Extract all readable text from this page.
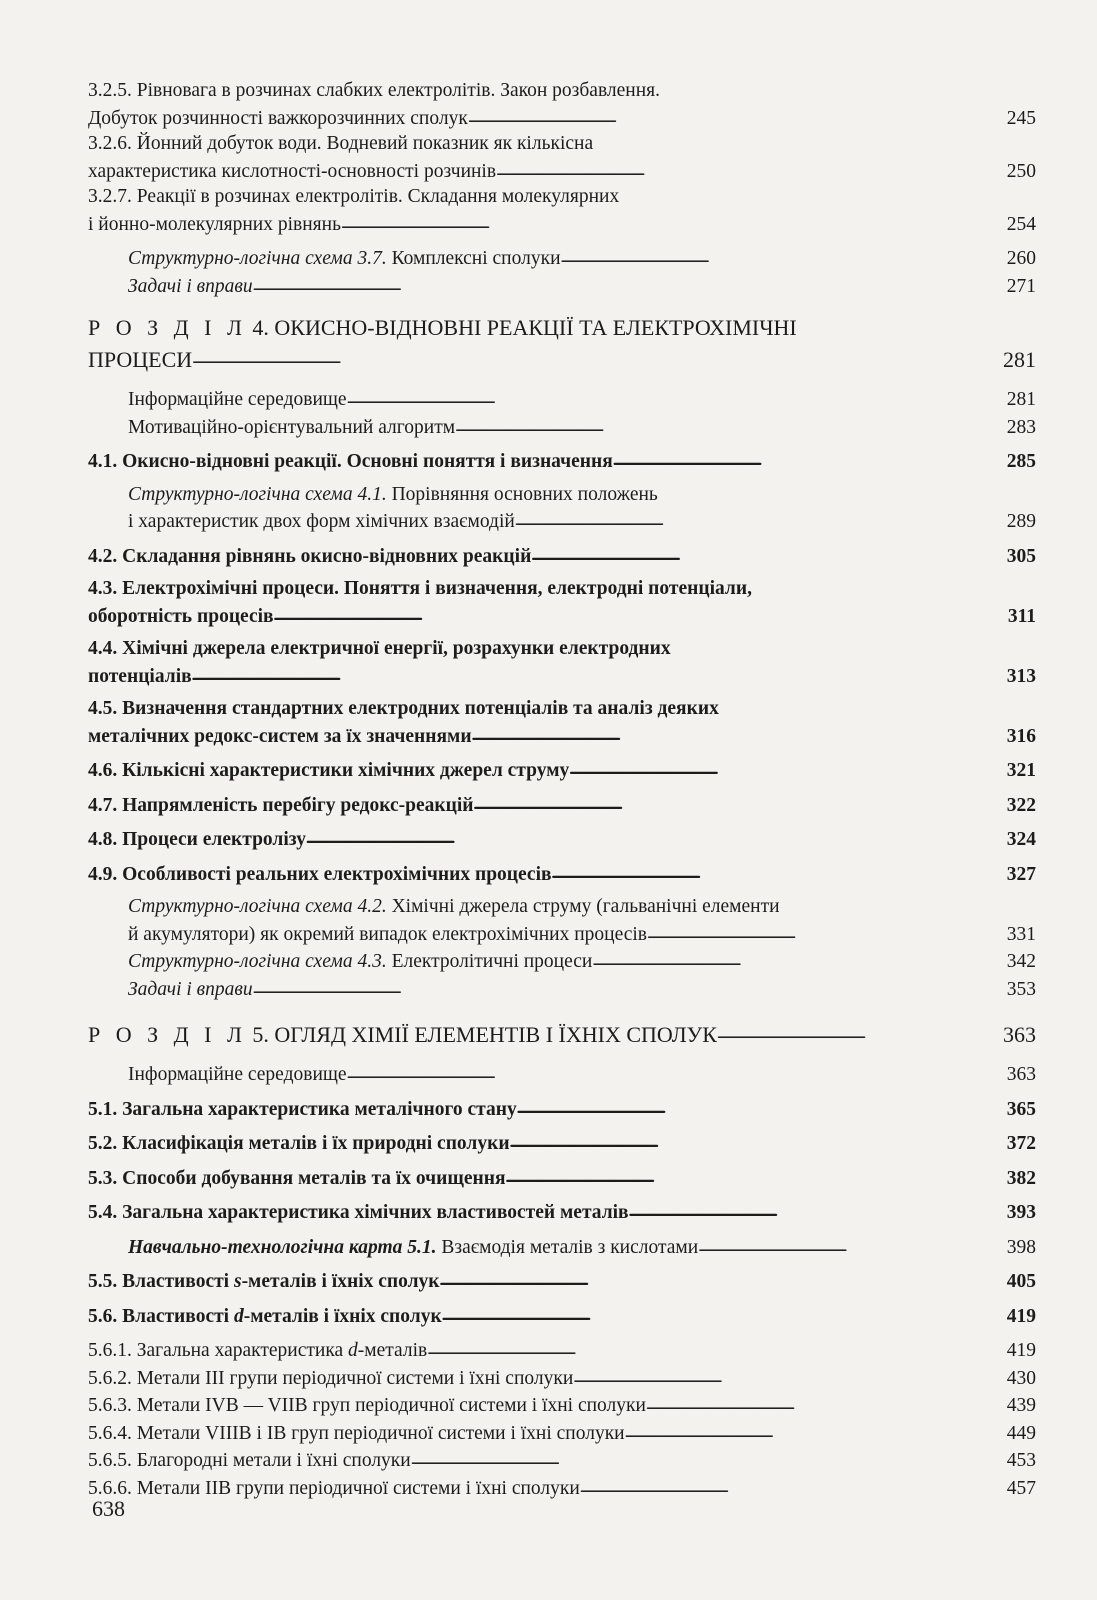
3.2.5. Рівновага в розчинах слабких електролітів. Закон розбавлення.
Добуток розчинності важкорозчинних сполук . . .	245
3.2.6. Йонний добуток води. Водневий показник як кількісна
характеристика кислотності-основності розчинів . . .	250
3.2.7. Реакції в розчинах електролітів. Складання молекулярних
і йонно-молекулярних рівнянь . . .	254
Структурно-логічна схема 3.7. Комплексні сполуки . . .	260
Задачі і вправи . . .	271
Р О З Д І Л 4. ОКИСНО-ВІДНОВНІ РЕАКЦІЇ ТА ЕЛЕКТРОХІМІЧНІ
ПРОЦЕСИ . . .	281
Інформаційне середовище . . .	281
Мотиваційно-орієнтувальний алгоритм . . .	283
4.1. Окисно-відновні реакції. Основні поняття і визначення . . .	285
Структурно-логічна схема 4.1. Порівняння основних положень
і характеристик двох форм хімічних взаємодій . . .	289
4.2. Складання рівнянь окисно-відновних реакцій . . .	305
4.3. Електрохімічні процеси. Поняття і визначення, електродні потенціали,
оборотність процесів . . .	311
4.4. Хімічні джерела електричної енергії, розрахунки електродних
потенціалів . . .	313
4.5. Визначення стандартних електродних потенціалів та аналіз деяких
металічних редокс-систем за їх значеннями . . .	316
4.6. Кількісні характеристики хімічних джерел струму . . .	321
4.7. Напрямленість перебігу редокс-реакцій . . .	322
4.8. Процеси електролізу . . .	324
4.9. Особливості реальних електрохімічних процесів . . .	327
Структурно-логічна схема 4.2. Хімічні джерела струму (гальванічні елементи
й акумулятори) як окремий випадок електрохімічних процесів . . .	331
Структурно-логічна схема 4.3. Електролітичні процеси . . .	342
Задачі і вправи . . .	353
Р О З Д І Л 5. ОГЛЯД ХІМІЇ ЕЛЕМЕНТІВ І ЇХНІХ СПОЛУК . . .	363
Інформаційне середовище . . .	363
5.1. Загальна характеристика металічного стану . . .	365
5.2. Класифікація металів і їх природні сполуки . . .	372
5.3. Способи добування металів та їх очищення . . .	382
5.4. Загальна характеристика хімічних властивостей металів . . .	393
Навчально-технологічна карта 5.1. Взаємодія металів з кислотами . . .	398
5.5. Властивості s-металів і їхніх сполук . . .	405
5.6. Властивості d-металів і їхніх сполук . . .	419
5.6.1. Загальна характеристика d-металів . . .	419
5.6.2. Метали III групи періодичної системи і їхні сполуки . . .	430
5.6.3. Метали IVB — VIIB груп періодичної системи і їхні сполуки . . .	439
5.6.4. Метали VIIIB і IB груп періодичної системи і їхні сполуки . . .	449
5.6.5. Благородні метали і їхні сполуки . . .	453
5.6.6. Метали IIB групи періодичної системи і їхні сполуки . . .	457
638
